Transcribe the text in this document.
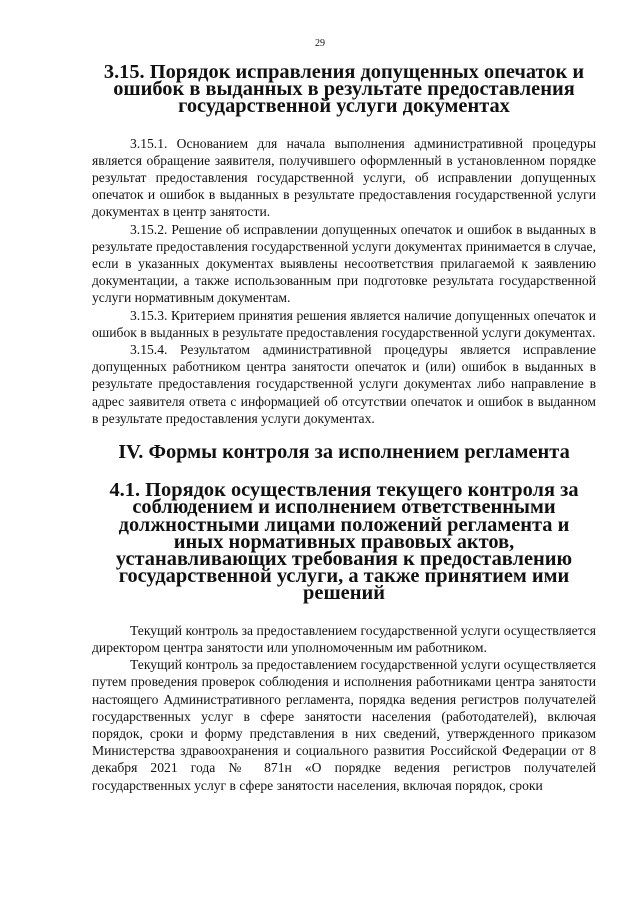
29
3.15. Порядок исправления допущенных опечаток и ошибок в выданных в результате предоставления государственной услуги документах

3.15.1. Основанием для начала выполнения административной процедуры является обращение заявителя, получившего оформленный в установленном порядке результат предоставления государственной услуги, об исправлении допущенных опечаток и ошибок в выданных в результате предоставления государственной услуги документах в центр занятости.

3.15.2. Решение об исправлении допущенных опечаток и ошибок в выданных в результате предоставления государственной услуги документах принимается в случае, если в указанных документах выявлены несоответствия прилагаемой к заявлению документации, а также использованным при подготовке результата государственной услуги нормативным документам.

3.15.3. Критерием принятия решения является наличие допущенных опечаток и ошибок в выданных в результате предоставления государственной услуги документах.

3.15.4. Результатом административной процедуры является исправление допущенных работником центра занятости опечаток и (или) ошибок в выданных в результате предоставления государственной услуги документах либо направление в адрес заявителя ответа с информацией об отсутствии опечаток и ошибок в выданном в результате предоставления услуги документах.

IV. Формы контроля за исполнением регламента
4.1. Порядок осуществления текущего контроля за соблюдением и исполнением ответственными должностными лицами положений регламента и иных нормативных правовых актов, устанавливающих требования к предоставлению государственной услуги, а также принятием ими решений

Текущий контроль за предоставлением государственной услуги осуществляется директором центра занятости или уполномоченным им работником.

Текущий контроль за предоставлением государственной услуги осуществляется путем проведения проверок соблюдения и исполнения работниками центра занятости настоящего Административного регламента, порядка ведения регистров получателей государственных услуг в сфере занятости населения (работодателей), включая порядок, сроки и форму представления в них сведений, утвержденного приказом Министерства здравоохранения и социального развития Российской Федерации от 8 декабря 2021 года № 871н «О порядке ведения регистров получателей государственных услуг в сфере занятости населения, включая порядок, сроки
